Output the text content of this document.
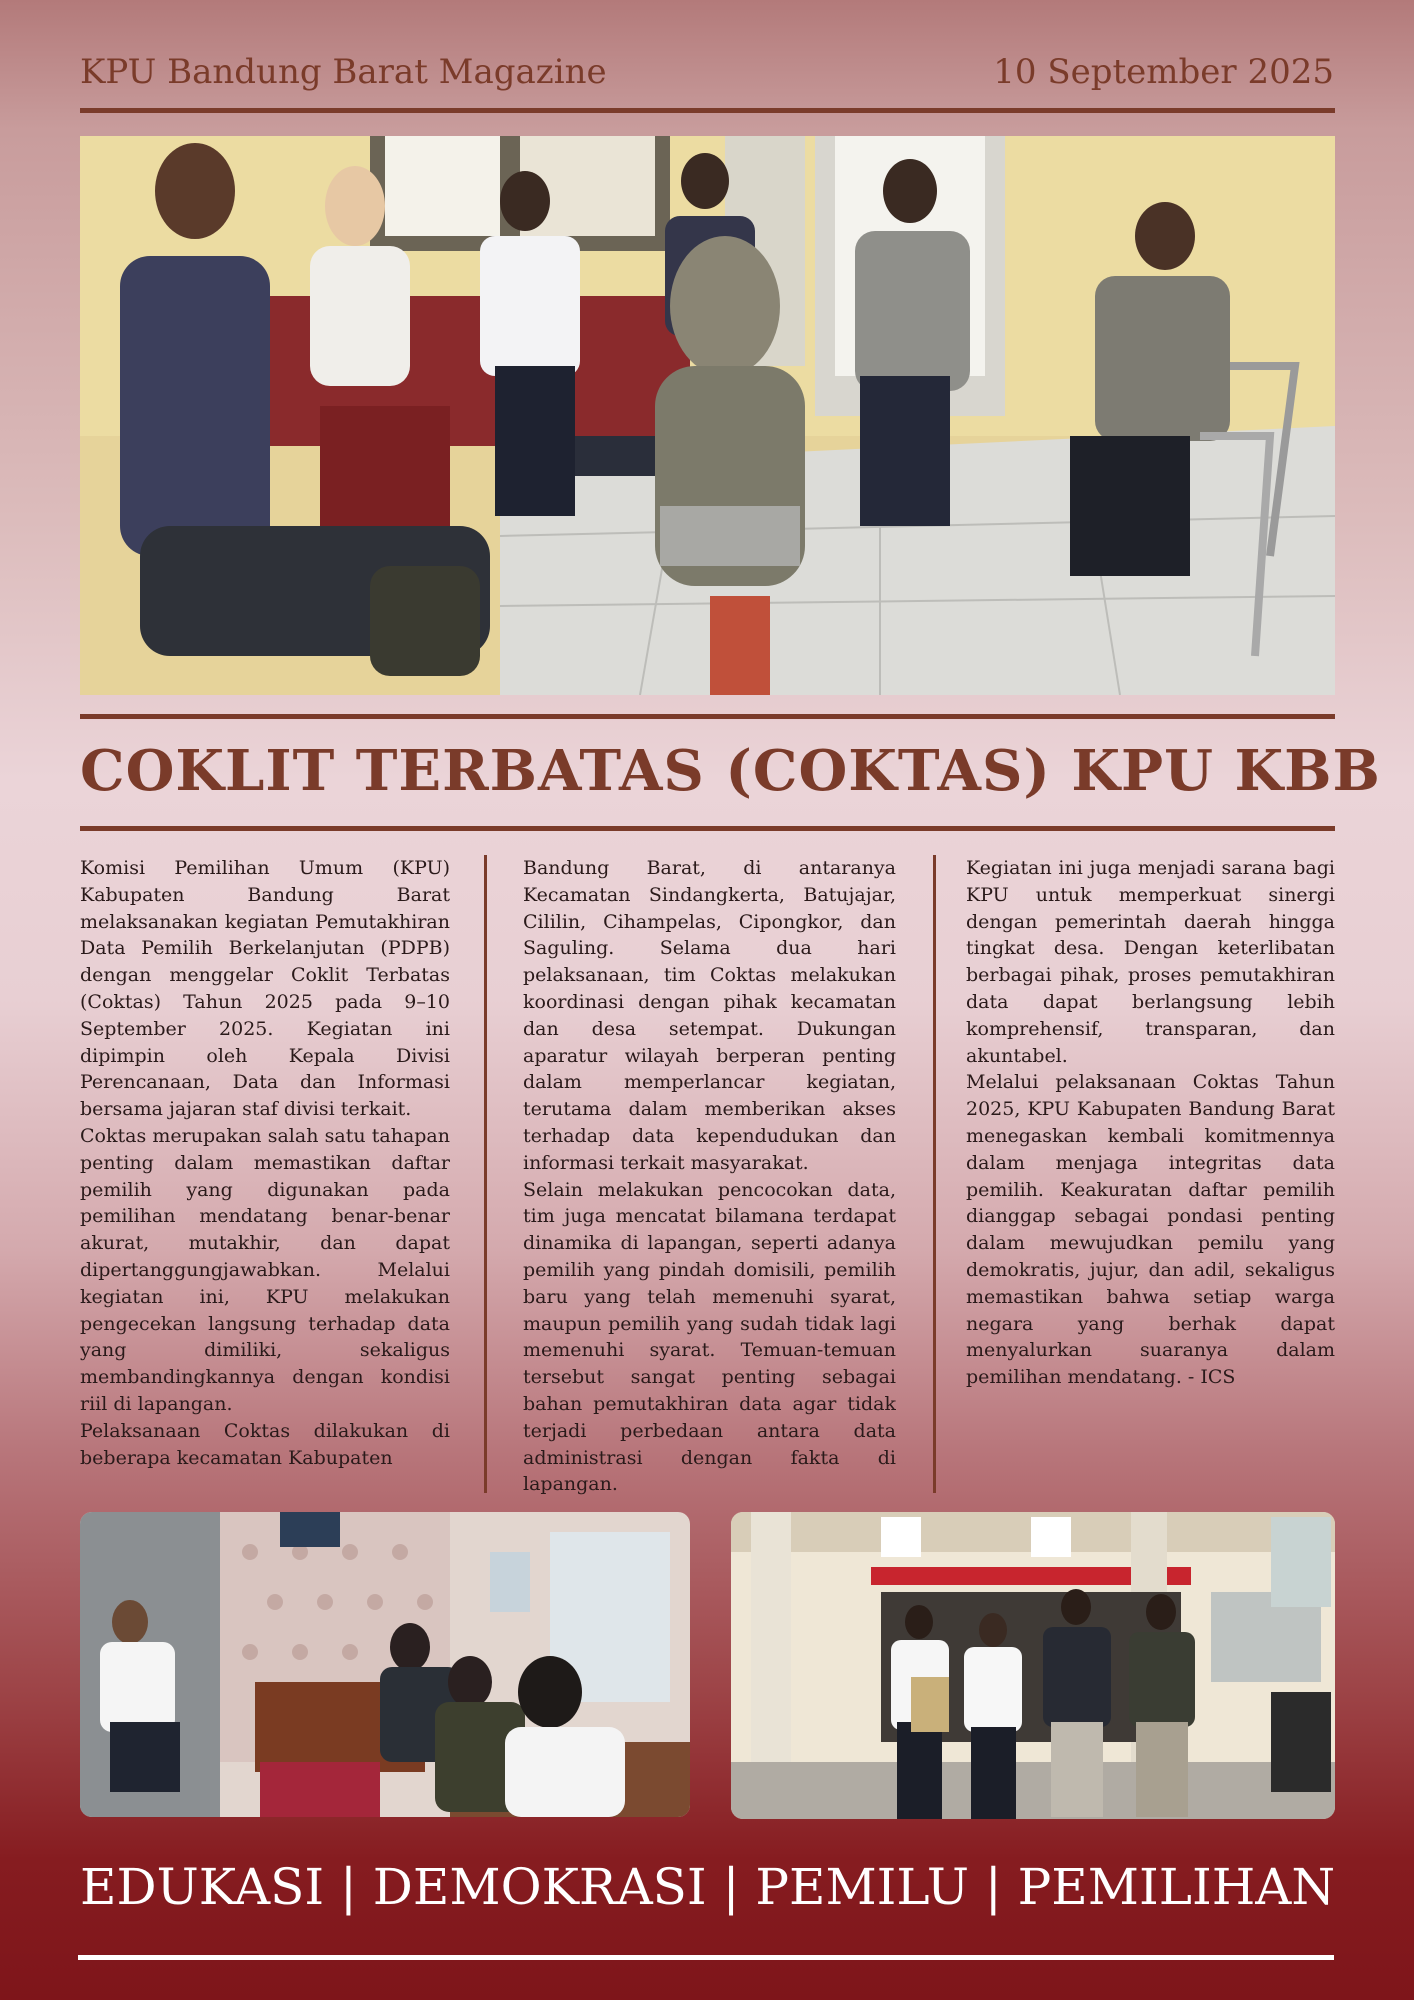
KPU Bandung Barat Magazine	10 September 2025
COKLIT TERBATAS (COKTAS) KPU KBB

Komisi Pemilihan Umum (KPU) Kabupaten Bandung Barat melaksanakan kegiatan Pemutakhiran Data Pemilih Berkelanjutan (PDPB) dengan menggelar Coklit Terbatas (Coktas) Tahun 2025 pada 9–10 September 2025. Kegiatan ini dipimpin oleh Kepala Divisi Perencanaan, Data dan Informasi bersama jajaran staf divisi terkait.

Coktas merupakan salah satu tahapan penting dalam memastikan daftar pemilih yang digunakan pada pemilihan mendatang benar-benar akurat, mutakhir, dan dapat dipertanggungjawabkan. Melalui kegiatan ini, KPU melakukan pengecekan langsung terhadap data yang dimiliki, sekaligus membandingkannya dengan kondisi riil di lapangan.

Pelaksanaan Coktas dilakukan di beberapa kecamatan Kabupaten

Bandung Barat, di antaranya Kecamatan Sindangkerta, Batujajar, Cililin, Cihampelas, Cipongkor, dan Saguling. Selama dua hari pelaksanaan, tim Coktas melakukan koordinasi dengan pihak kecamatan dan desa setempat. Dukungan aparatur wilayah berperan penting dalam memperlancar kegiatan, terutama dalam memberikan akses terhadap data kependudukan dan informasi terkait masyarakat.

Selain melakukan pencocokan data, tim juga mencatat bilamana terdapat dinamika di lapangan, seperti adanya pemilih yang pindah domisili, pemilih baru yang telah memenuhi syarat, maupun pemilih yang sudah tidak lagi memenuhi syarat. Temuan-temuan tersebut sangat penting sebagai bahan pemutakhiran data agar tidak terjadi perbedaan antara data administrasi dengan fakta di lapangan.

Kegiatan ini juga menjadi sarana bagi KPU untuk memperkuat sinergi dengan pemerintah daerah hingga tingkat desa. Dengan keterlibatan berbagai pihak, proses pemutakhiran data dapat berlangsung lebih komprehensif, transparan, dan akuntabel.

Melalui pelaksanaan Coktas Tahun 2025, KPU Kabupaten Bandung Barat menegaskan kembali komitmennya dalam menjaga integritas data pemilih. Keakuratan daftar pemilih dianggap sebagai pondasi penting dalam mewujudkan pemilu yang demokratis, jujur, dan adil, sekaligus memastikan bahwa setiap warga negara yang berhak dapat menyalurkan suaranya dalam pemilihan mendatang. - ICS

EDUKASI | DEMOKRASI | PEMILU | PEMILIHAN
